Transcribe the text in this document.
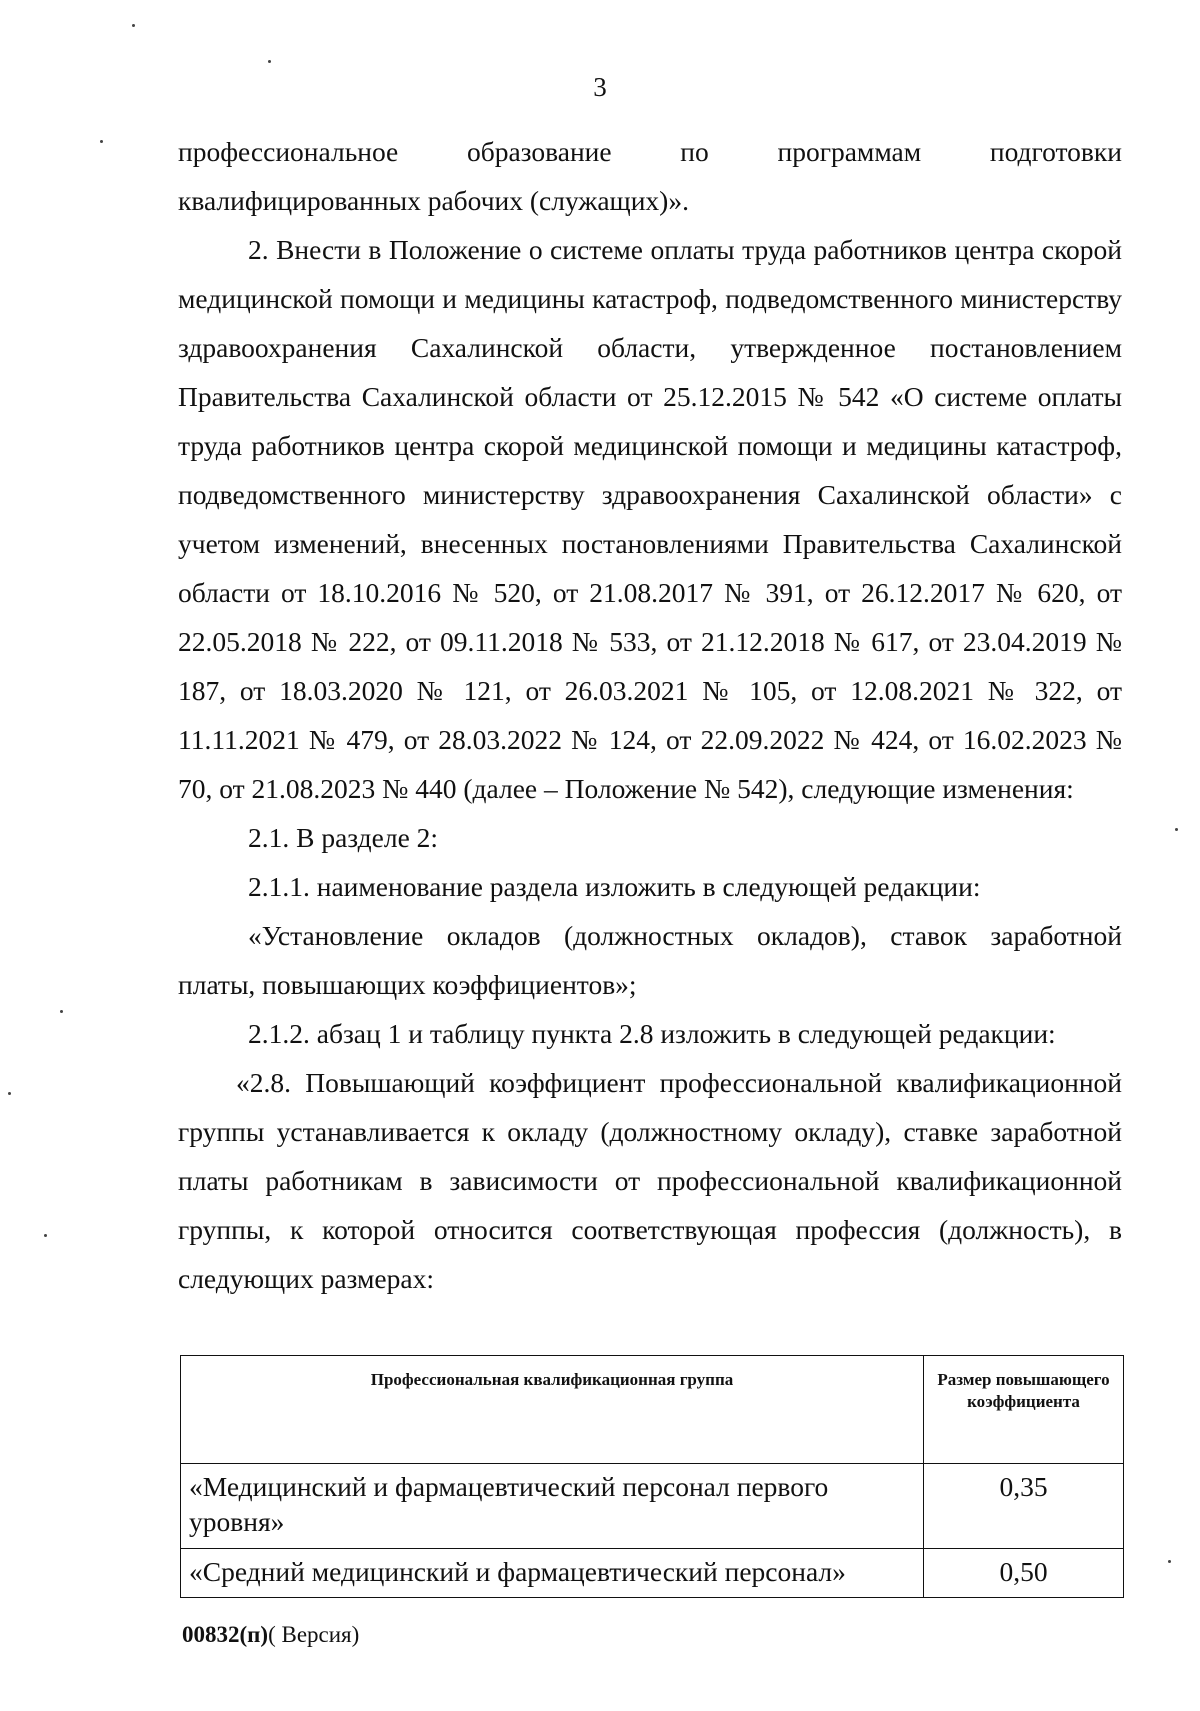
3

профессиональное образование по программам подготовки

квалифицированных рабочих (служащих)».

2. Внести в Положение о системе оплаты труда работников центра скорой медицинской помощи и медицины катастроф, подведомственного министерству здравоохранения Сахалинской области, утвержденное постановлением Правительства Сахалинской области от 25.12.2015 № 542 «О системе оплаты труда работников центра скорой медицинской помощи и медицины катастроф, подведомственного министерству здравоохранения Сахалинской области» с учетом изменений, внесенных постановлениями Правительства Сахалинской области от 18.10.2016 № 520, от 21.08.2017 № 391, от 26.12.2017 № 620, от 22.05.2018 № 222, от 09.11.2018 № 533, от 21.12.2018 № 617, от 23.04.2019 № 187, от 18.03.2020 № 121, от 26.03.2021 № 105, от 12.08.2021 № 322, от 11.11.2021 № 479, от 28.03.2022 № 124, от 22.09.2022 № 424, от 16.02.2023 № 70, от 21.08.2023 № 440 (далее – Положение № 542), следующие изменения:

2.1. В разделе 2:

2.1.1. наименование раздела изложить в следующей редакции:

«Установление окладов (должностных окладов), ставок заработной платы, повышающих коэффициентов»;

2.1.2. абзац 1 и таблицу пункта 2.8 изложить в следующей редакции:

«2.8. Повышающий коэффициент профессиональной квалификационной группы устанавливается к окладу (должностному окладу), ставке заработной платы работникам в зависимости от профессиональной квалификационной группы, к которой относится соответствующая профессия (должность), в следующих размерах:

Профессиональная квалификационная группа	Размер повышающего коэффициента
«Медицинский и фармацевтический персонал первого уровня»	0,35
«Средний медицинский и фармацевтический персонал»	0,50
00832(п)( Версия)
